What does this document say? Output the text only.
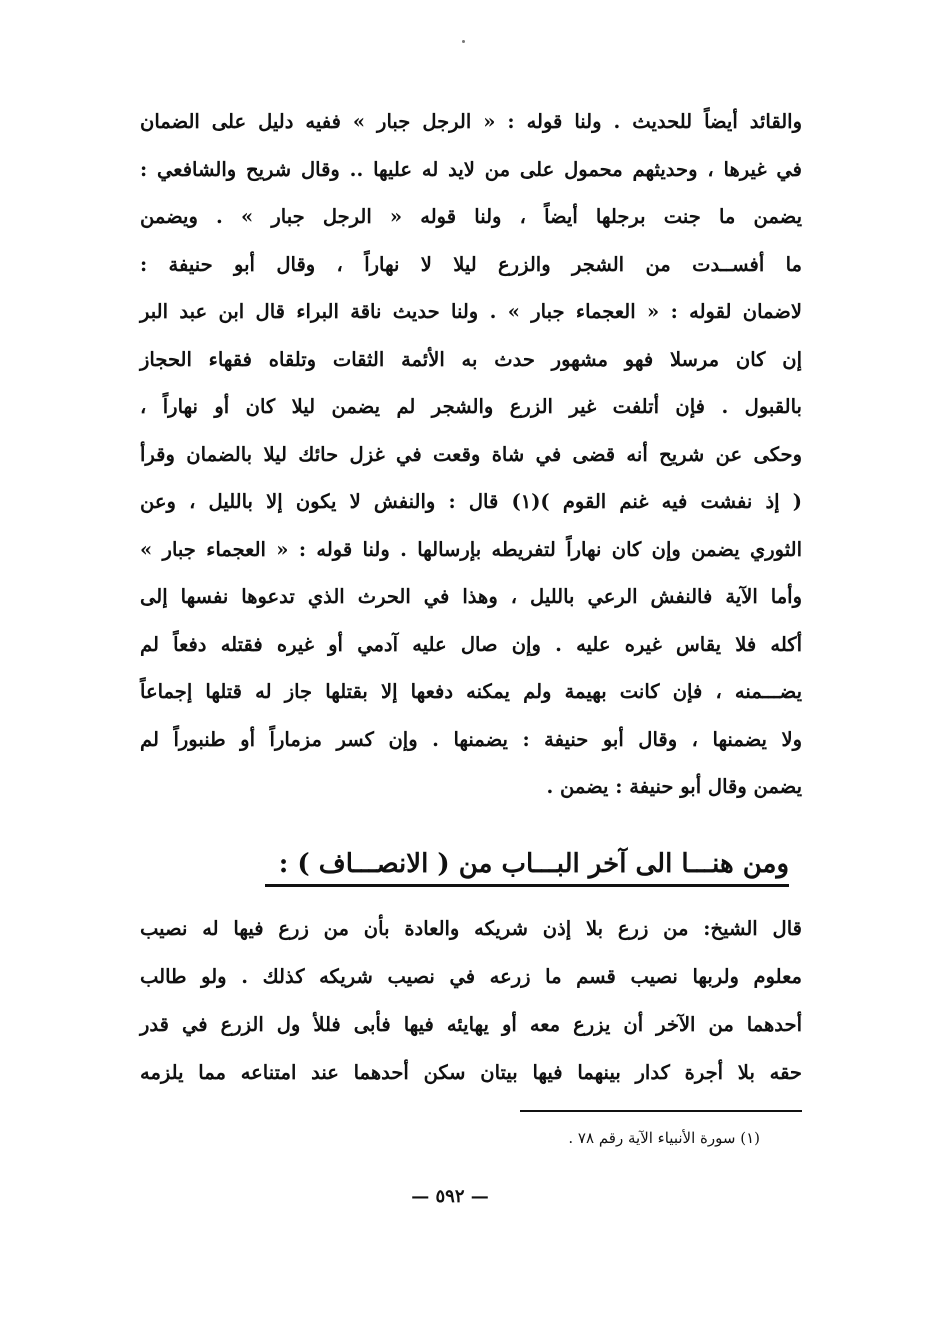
والقائد أيضاً للحديث . ولنا قوله : « الرجل جبار » ففيه دليل على الضمان

في غيرها ، وحديثهم محمول على من لايد له عليها .. وقال شريح والشافعي :

يضمن ما جنت برجلها أيضاً ، ولنا قوله « الرجل جبار » . ويضمن

ما أفســدت من الشجر والزرع ليلا لا نهاراً ، وقال أبو حنيفة :

لاضمان لقوله : « العجماء جبار » . ولنا حديث ناقة البراء قال ابن عبد البر

إن كان مرسلا فهو مشهور حدث به الأئمة الثقات وتلقاه فقهاء الحجاز

بالقبول . فإن أتلفت غير الزرع والشجر لم يضمن ليلا كان أو نهاراً ،

وحكى عن شريح أنه قضى في شاة وقعت في غزل حائك ليلا بالضمان وقرأ

( إذ نفشت فيه غنم القوم )(١) قال : والنفش لا يكون إلا بالليل ، وعن

الثوري يضمن وإن كان نهاراً لتفريطه بإرسالها . ولنا قوله : « العجماء جبار »

وأما الآية فالنفش الرعي بالليل ، وهذا في الحرث الذي تدعوها نفسها إلى

أكله فلا يقاس غيره عليه . وإن صال عليه آدمي أو غيره فقتله دفعاً لم

يضـــمنه ، فإن كانت بهيمة ولم يمكنه دفعها إلا بقتلها جاز له قتلها إجماعاً

ولا يضمنها ، وقال أبو حنيفة : يضمنها . وإن كسر مزماراً أو طنبوراً لم

يضمن وقال أبو حنيفة : يضمن .

ومن هنـــا الى آخر البـــاب من ( الانصـــاف ) :

قال الشيخ: من زرع بلا إذن شريكه والعادة بأن من زرع فيها له نصيب

معلوم ولربها نصيب قسم ما زرعه في نصيب شريكه كذلك . ولو طالب

أحدهما من الآخر أن يزرع معه أو يهايئه فيها فأبى فللأ ول الزرع في قدر

حقه بلا أجرة كدار بينهما فيها بيتان سكن أحدهما عند امتناعه مما يلزمه

(١) سورة الأنبياء الآية رقم ٧٨ .
— ٥٩٢ —
